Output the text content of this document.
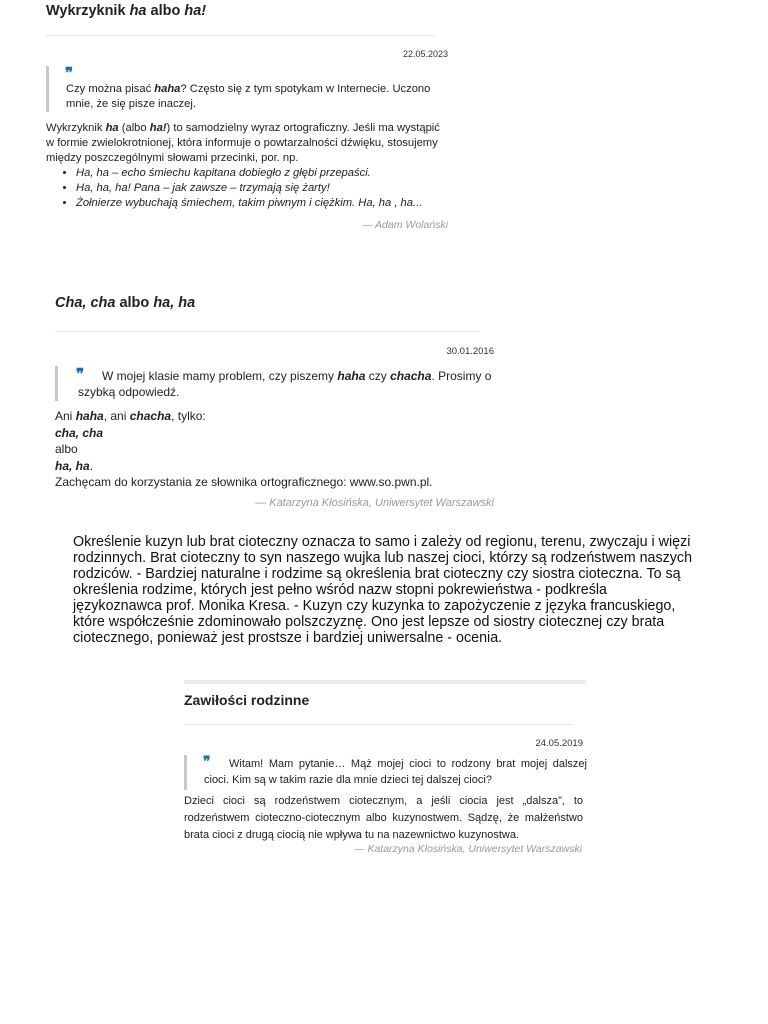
Wykrzyknik ha albo ha!
22.05.2023
❞
Czy można pisać haha? Często się z tym spotykam w Internecie. Uczono
mnie, że się pisze inaczej.
Wykrzyknik ha (albo ha!) to samodzielny wyraz ortograficzny. Jeśli ma wystąpić
w formie zwielokrotnionej, która informuje o powtarzalności dźwięku, stosujemy
między poszczególnymi słowami przecinki, por. np.
• Ha, ha – echo śmiechu kapitana dobiegło z głębi przepaści.
• Ha, ha, ha! Pana – jak zawsze – trzymają się żarty!
• Żołnierze wybuchają śmiechem, takim piwnym i ciężkim. Ha, ha , ha...
— Adam Wolański
Cha, cha albo ha, ha
30.01.2016
❞	W mojej klasie mamy problem, czy piszemy haha czy chacha. Prosimy o szybką odpowiedź.
Ani haha, ani chacha, tylko:
cha, cha
albo
ha, ha.
Zachęcam do korzystania ze słownika ortograficznego: www.so.pwn.pl.
— Katarzyna Kłosińska, Uniwersytet Warszawski
Określenie kuzyn lub brat cioteczny oznacza to samo i zależy od regionu, terenu, zwyczaju i więzi
rodzinnych. Brat cioteczny to syn naszego wujka lub naszej cioci, którzy są rodzeństwem naszych
rodziców. - Bardziej naturalne i rodzime są określenia brat cioteczny czy siostra cioteczna. To są
określenia rodzime, których jest pełno wśród nazw stopni pokrewieństwa - podkreśla
językoznawca prof. Monika Kresa. - Kuzyn czy kuzynka to zapożyczenie z języka francuskiego,
które współcześnie zdominowało polszczyznę. Ono jest lepsze od siostry ciotecznej czy brata
ciotecznego, ponieważ jest prostsze i bardziej uniwersalne - ocenia.
Zawiłości rodzinne
24.05.2019
❞	Witam! Mam pytanie… Mąż mojej cioci to rodzony brat mojej dalszej cioci. Kim są w takim razie dla mnie dzieci tej dalszej cioci?
Dzieci cioci są rodzeństwem ciotecznym, a jeśli ciocia jest „dalsza”, to rodzeństwem cioteczno-ciotecznym albo kuzynostwem. Sądzę, że małżeństwo brata cioci z drugą ciocią nie wpływa tu na nazewnictwo kuzynostwa.
— Katarzyna Kłosińska, Uniwersytet Warszawski
